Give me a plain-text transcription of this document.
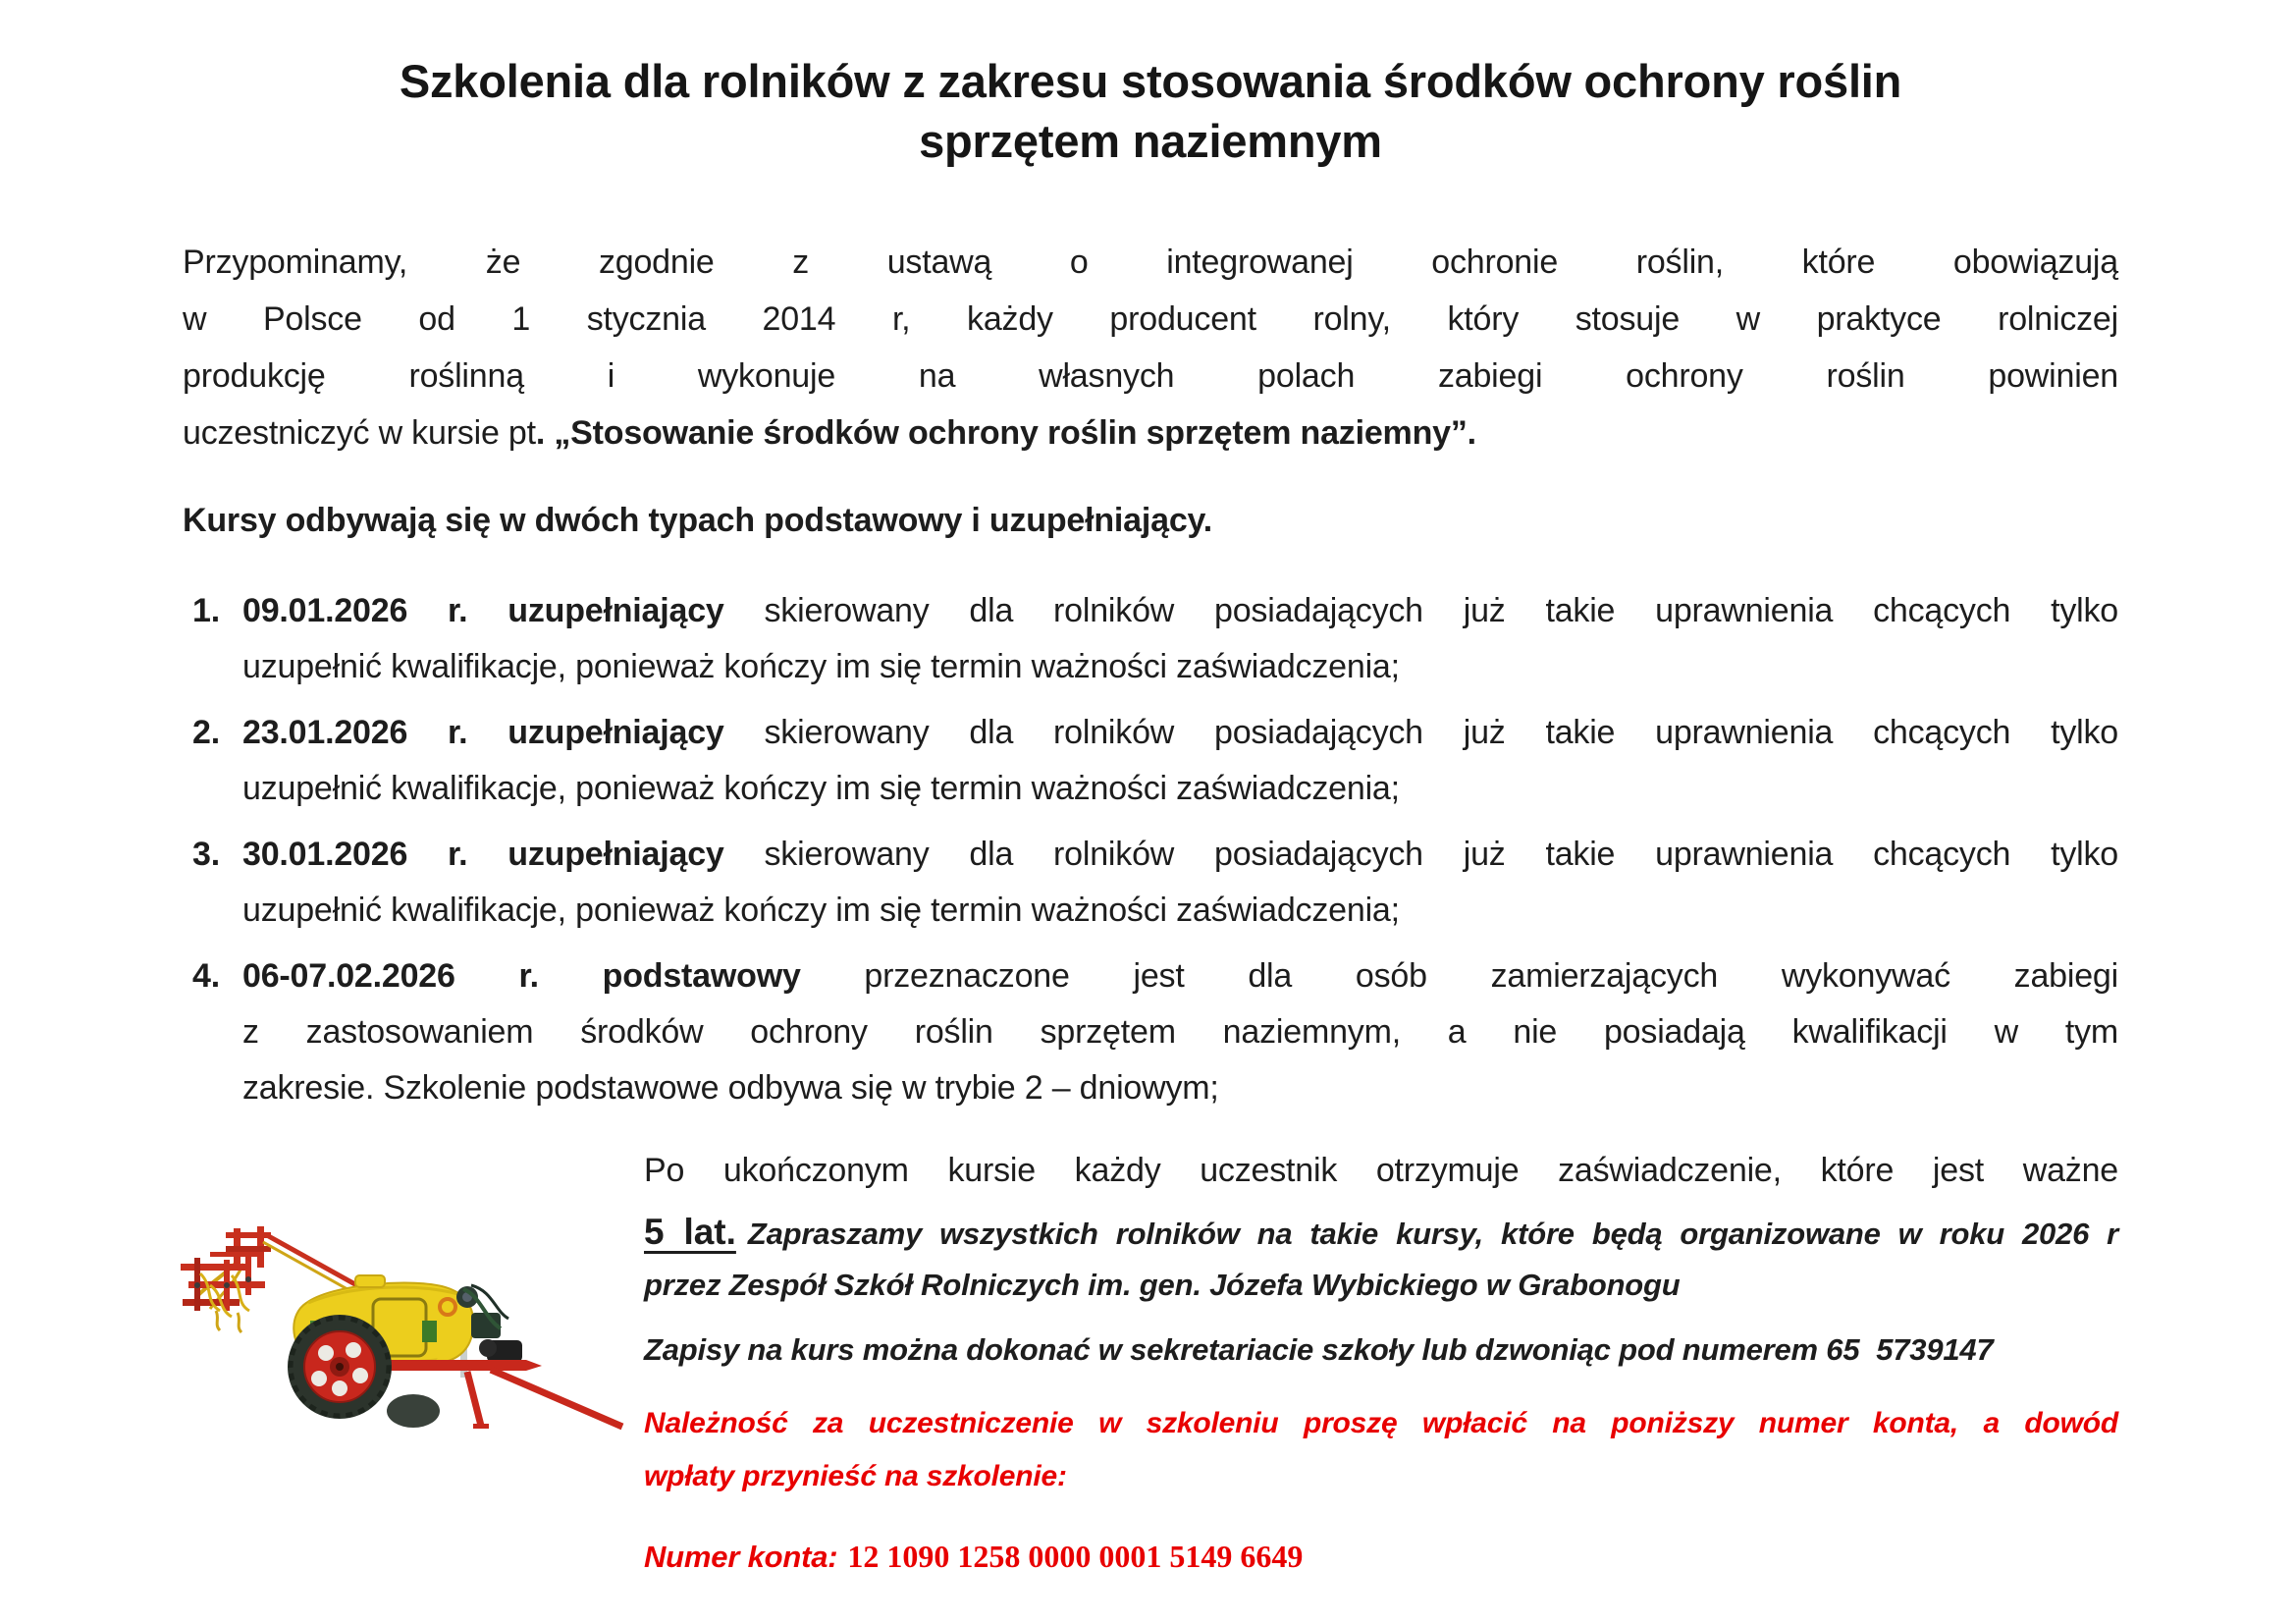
Szkolenia dla rolników z zakresu stosowania środków ochrony roślin
sprzętem naziemnym
Przypominamy, że zgodnie z ustawą o integrowanej ochronie roślin, które obowiązują
w Polsce od 1 stycznia 2014 r, każdy producent rolny, który stosuje w praktyce rolniczej
produkcję roślinną i wykonuje na własnych polach zabiegi ochrony roślin powinien
uczestniczyć w kursie pt. „Stosowanie środków ochrony roślin sprzętem naziemny”.
Kursy odbywają się w dwóch typach podstawowy i uzupełniający.
1. 09.01.2026 r. uzupełniający skierowany dla rolników posiadających już takie uprawnienia chcących tylko
uzupełnić kwalifikacje, ponieważ kończy im się termin ważności zaświadczenia;
2. 23.01.2026 r. uzupełniający skierowany dla rolników posiadających już takie uprawnienia chcących tylko
uzupełnić kwalifikacje, ponieważ kończy im się termin ważności zaświadczenia;
3. 30.01.2026 r. uzupełniający skierowany dla rolników posiadających już takie uprawnienia chcących tylko
uzupełnić kwalifikacje, ponieważ kończy im się termin ważności zaświadczenia;
4. 06-07.02.2026 r. podstawowy przeznaczone jest dla osób zamierzających wykonywać zabiegi
z zastosowaniem środków ochrony roślin sprzętem naziemnym, a nie posiadają kwalifikacji w tym
zakresie. Szkolenie podstawowe odbywa się w trybie 2 – dniowym;
Po ukończonym kursie każdy uczestnik otrzymuje zaświadczenie, które jest ważne
5 lat. Zapraszamy wszystkich rolników na takie kursy, które będą organizowane w roku 2026 r
przez Zespół Szkół Rolniczych im. gen. Józefa Wybickiego w Grabonogu
Zapisy na kurs można dokonać w sekretariacie szkoły lub dzwoniąc pod numerem 65  5739147
Należność za uczestniczenie w szkoleniu proszę wpłacić na poniższy numer konta, a dowód
wpłaty przynieść na szkolenie:
Numer konta: 12 1090 1258 0000 0001 5149 6649
